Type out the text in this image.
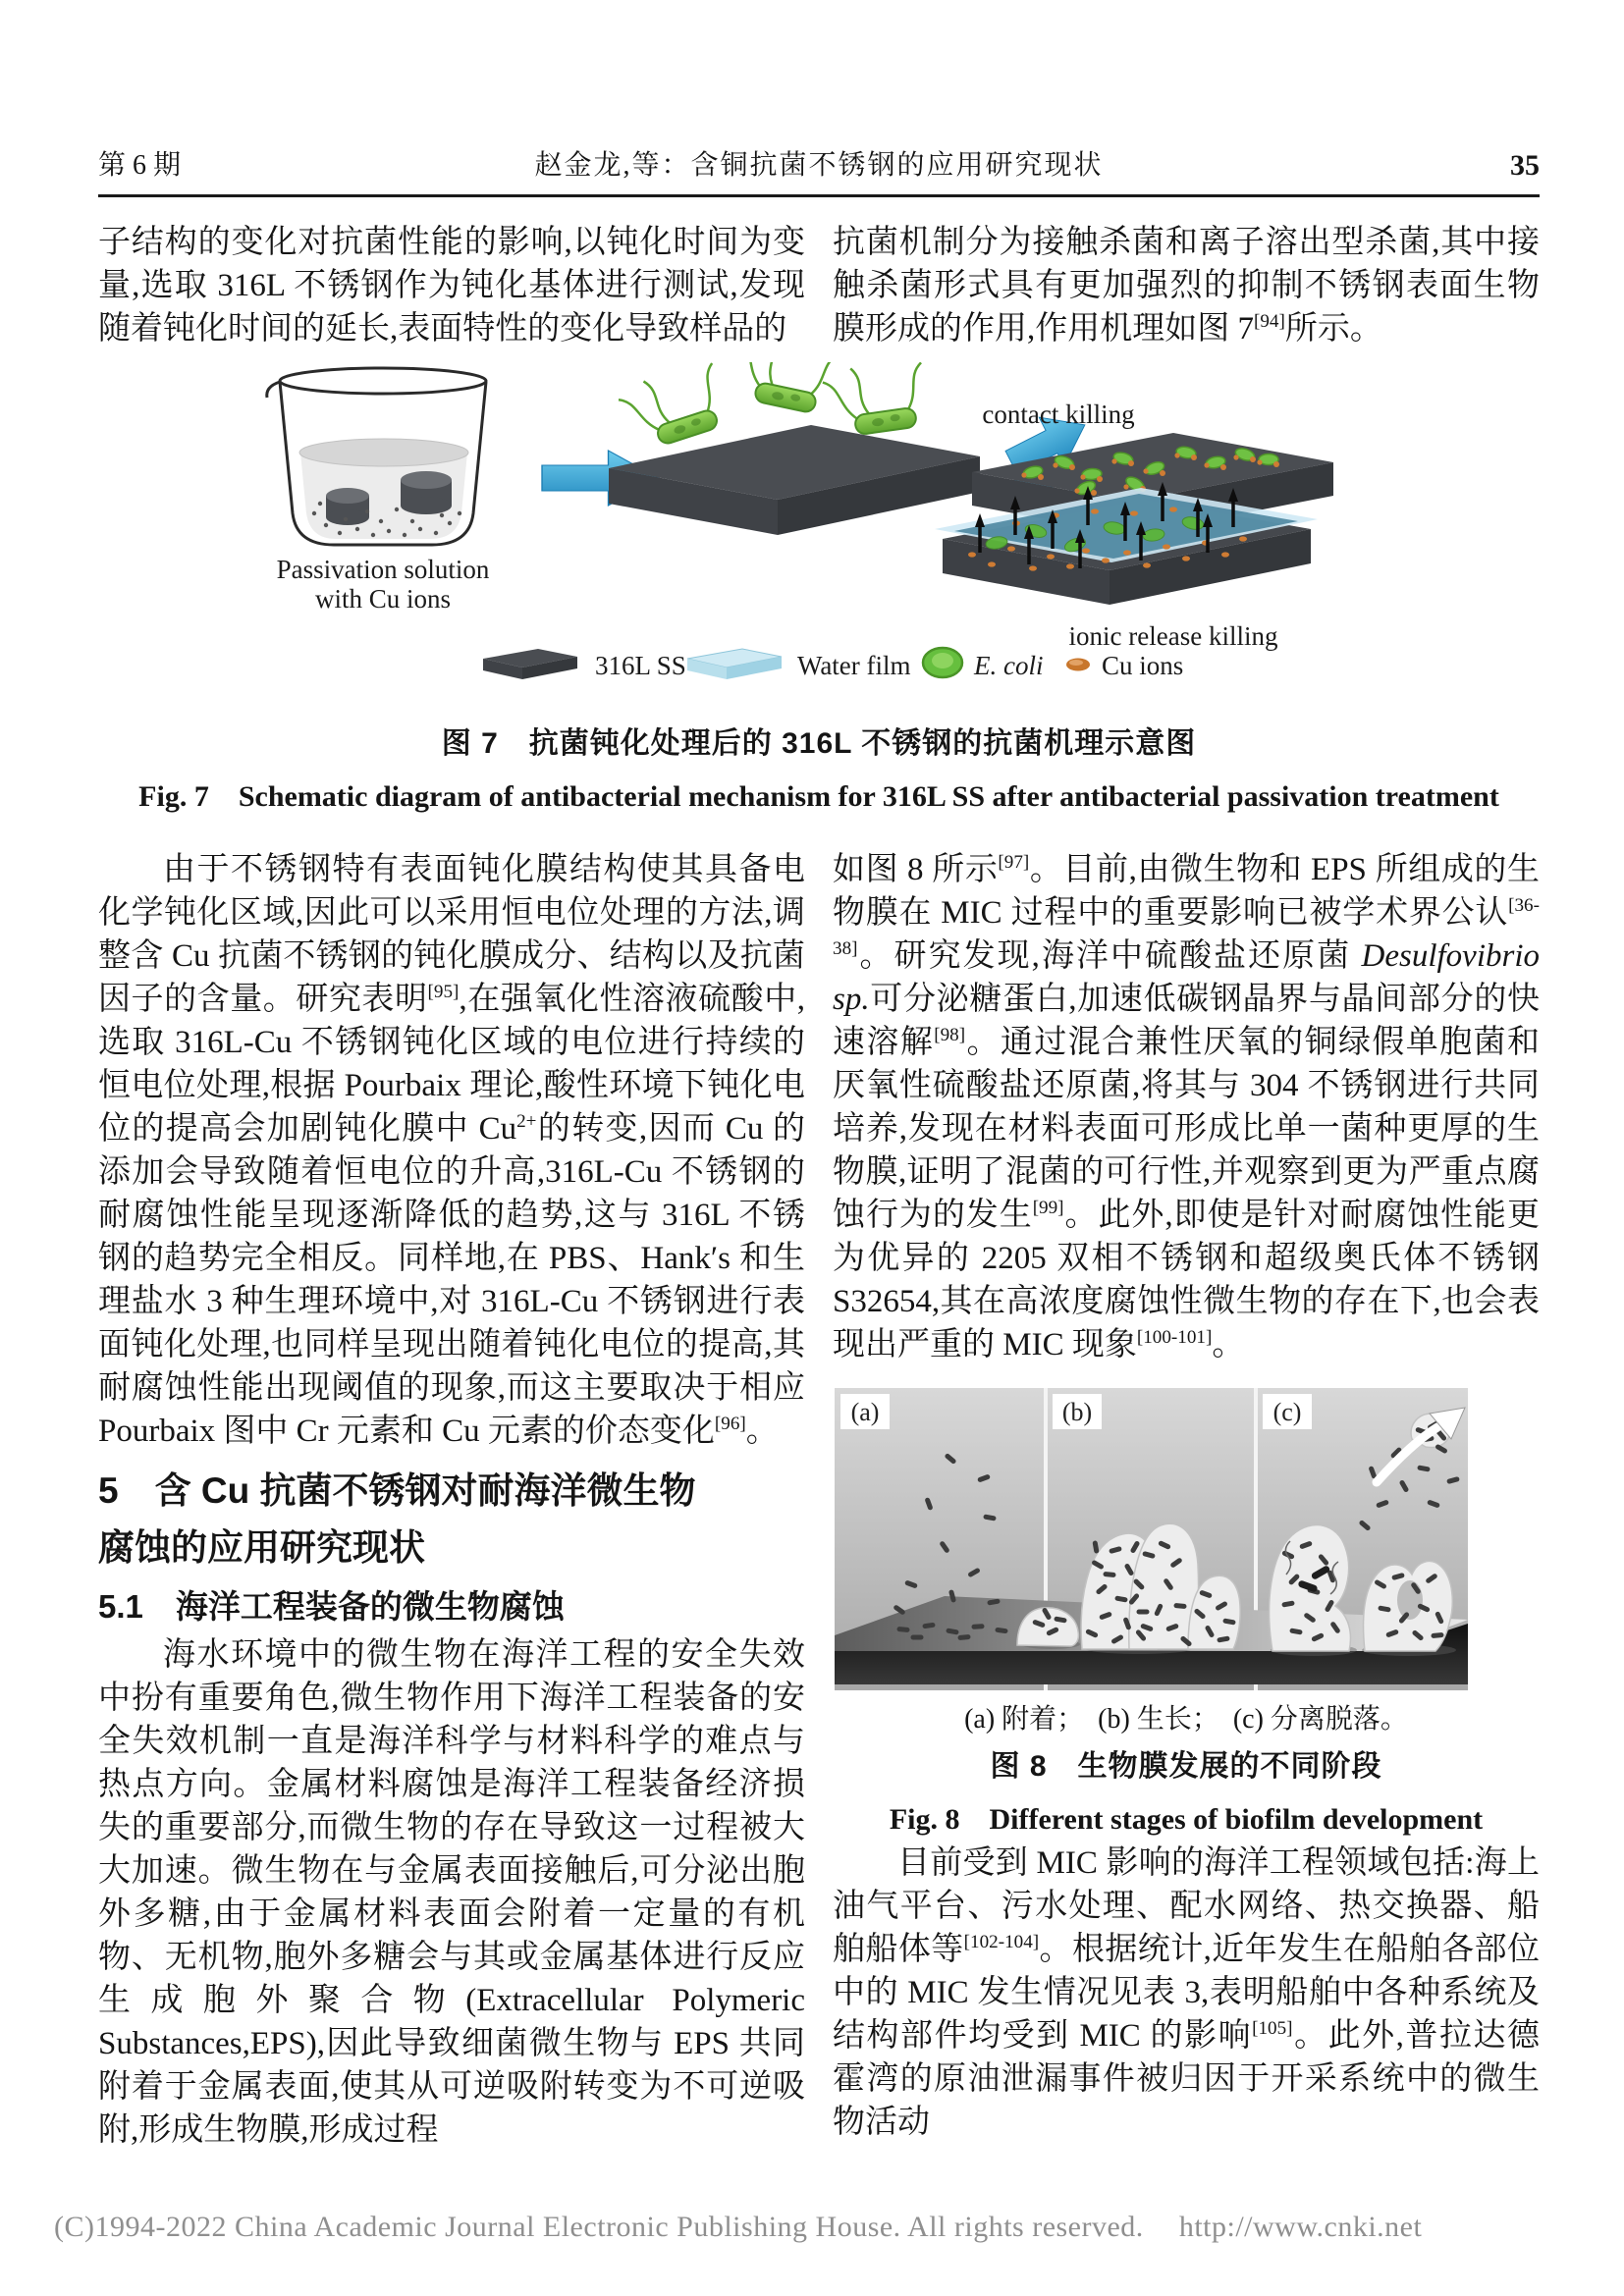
第 6 期	赵金龙,等：含铜抗菌不锈钢的应用研究现状	35

子结构的变化对抗菌性能的影响,以钝化时间为变量,选取 316L 不锈钢作为钝化基体进行测试,发现随着钝化时间的延长,表面特性的变化导致样品的

抗菌机制分为接触杀菌和离子溶出型杀菌,其中接触杀菌形式具有更加强烈的抑制不锈钢表面生物膜形成的作用,作用机理如图 7[94]所示。

Passivation solution
with Cu ions
contact killing
ionic release killing
316L SS	Water film E. coli Cu ions
图 7　抗菌钝化处理后的 316L 不锈钢的抗菌机理示意图
Fig. 7　Schematic diagram of antibacterial mechanism for 316L SS after antibacterial passivation treatment

由于不锈钢特有表面钝化膜结构使其具备电化学钝化区域,因此可以采用恒电位处理的方法,调整含 Cu 抗菌不锈钢的钝化膜成分、结构以及抗菌因子的含量。研究表明[95],在强氧化性溶液硫酸中,选取 316L-Cu 不锈钢钝化区域的电位进行持续的恒电位处理,根据 Pourbaix 理论,酸性环境下钝化电位的提高会加剧钝化膜中 $Cu^{2+}$的转变,因而 Cu 的添加会导致随着恒电位的升高,316L-Cu 不锈钢的耐腐蚀性能呈现逐渐降低的趋势,这与 316L 不锈钢的趋势完全相反。同样地,在 PBS、Hank′s 和生理盐水 3 种生理环境中,对 316L-Cu 不锈钢进行表面钝化处理,也同样呈现出随着钝化电位的提高,其耐腐蚀性能出现阈值的现象,而这主要取决于相应 Pourbaix 图中 Cr 元素和 Cu 元素的价态变化[96]。

5　含 Cu 抗菌不锈钢对耐海洋微生物
腐蚀的应用研究现状
5.1　海洋工程装备的微生物腐蚀

海水环境中的微生物在海洋工程的安全失效中扮有重要角色,微生物作用下海洋工程装备的安全失效机制一直是海洋科学与材料科学的难点与热点方向。金属材料腐蚀是海洋工程装备经济损失的重要部分,而微生物的存在导致这一过程被大大加速。微生物在与金属表面接触后,可分泌出胞外多糖,由于金属材料表面会附着一定量的有机物、无机物,胞外多糖会与其或金属基体进行反应生成胞外聚合物(Extracellular Polymeric Substances,EPS),因此导致细菌微生物与 EPS 共同附着于金属表面,使其从可逆吸附转变为不可逆吸附,形成生物膜,形成过程

如图 8 所示[97]。目前,由微生物和 EPS 所组成的生物膜在 MIC 过程中的重要影响已被学术界公认[36-38]。研究发现,海洋中硫酸盐还原菌 Desulfovibrio sp.可分泌糖蛋白,加速低碳钢晶界与晶间部分的快速溶解[98]。通过混合兼性厌氧的铜绿假单胞菌和厌氧性硫酸盐还原菌,将其与 304 不锈钢进行共同培养,发现在材料表面可形成比单一菌种更厚的生物膜,证明了混菌的可行性,并观察到更为严重点腐蚀行为的发生[99]。此外,即使是针对耐腐蚀性能更为优异的 2205 双相不锈钢和超级奥氏体不锈钢 S32654,其在高浓度腐蚀性微生物的存在下,也会表现出严重的 MIC 现象[100-101]。

(a)	(b)	(c)
(a) 附着；　(b) 生长；　(c) 分离脱落。
图 8　生物膜发展的不同阶段
Fig. 8　Different stages of biofilm development

目前受到 MIC 影响的海洋工程领域包括:海上油气平台、污水处理、配水网络、热交换器、船舶船体等[102-104]。根据统计,近年发生在船舶各部位中的 MIC 发生情况见表 3,表明船舶中各种系统及结构部件均受到 MIC 的影响[105]。此外,普拉达德霍湾的原油泄漏事件被归因于开采系统中的微生物活动

(C)1994-2022 China Academic Journal Electronic Publishing House. All rights reserved. http://www.cnki.net
